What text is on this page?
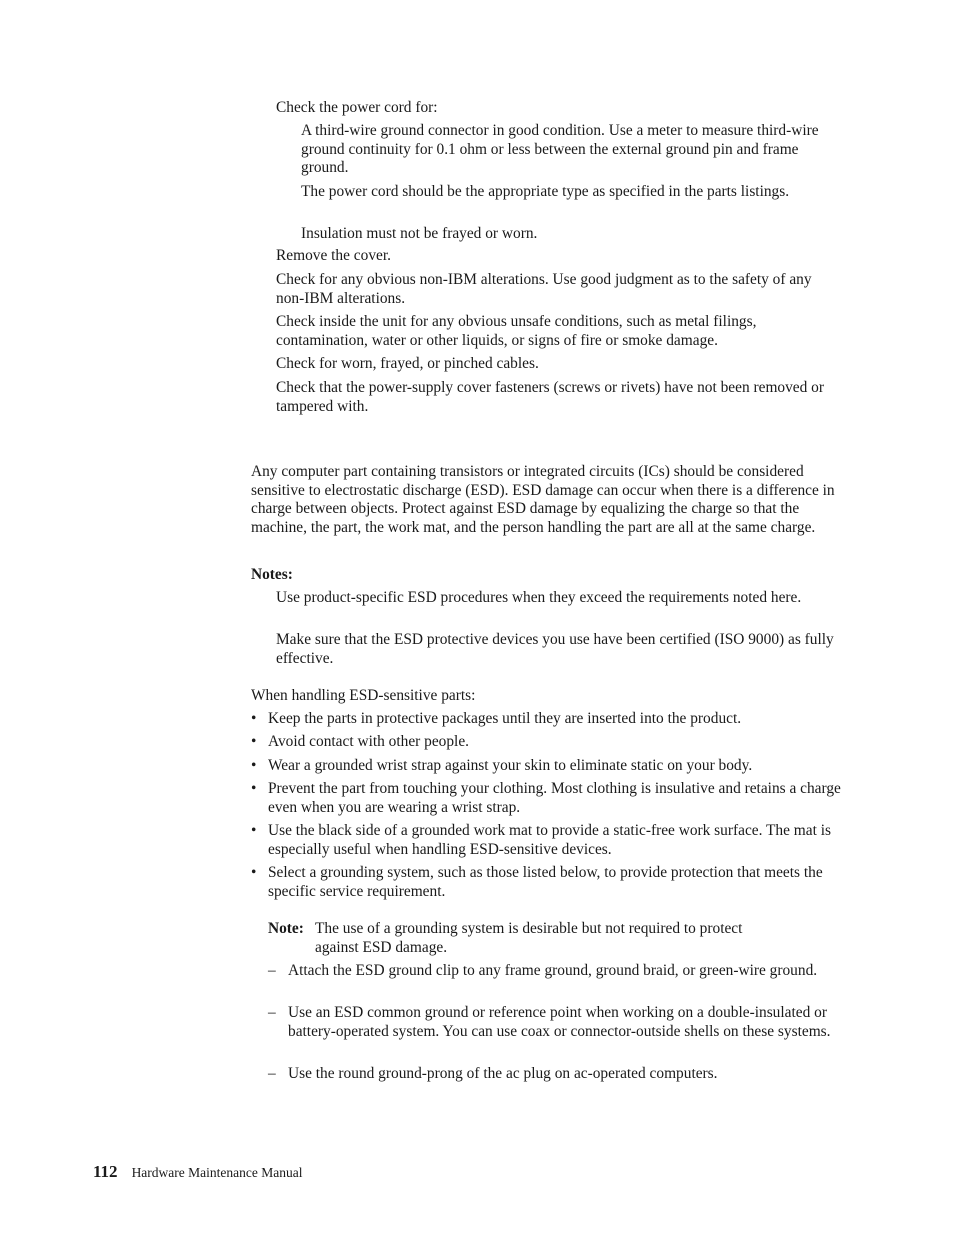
Check the power cord for:

A third-wire ground connector in good condition. Use a meter to measure third-wire ground continuity for 0.1 ohm or less between the external ground pin and frame ground.

The power cord should be the appropriate type as specified in the parts listings.

Insulation must not be frayed or worn.

Remove the cover.

Check for any obvious non-IBM alterations. Use good judgment as to the safety of any non-IBM alterations.

Check inside the unit for any obvious unsafe conditions, such as metal filings, contamination, water or other liquids, or signs of fire or smoke damage.

Check for worn, frayed, or pinched cables.

Check that the power-supply cover fasteners (screws or rivets) have not been removed or tampered with.

Any computer part containing transistors or integrated circuits (ICs) should be considered sensitive to electrostatic discharge (ESD). ESD damage can occur when there is a difference in charge between objects. Protect against ESD damage by equalizing the charge so that the machine, the part, the work mat, and the person handling the part are all at the same charge.

Notes:

Use product-specific ESD procedures when they exceed the requirements noted here.

Make sure that the ESD protective devices you use have been certified (ISO 9000) as fully effective.

When handling ESD-sensitive parts:

• Keep the parts in protective packages until they are inserted into the product.
• Avoid contact with other people.
• Wear a grounded wrist strap against your skin to eliminate static on your body.
• Prevent the part from touching your clothing. Most clothing is insulative and retains a charge even when you are wearing a wrist strap.
• Use the black side of a grounded work mat to provide a static-free work surface. The mat is especially useful when handling ESD-sensitive devices.
• Select a grounding system, such as those listed below, to provide protection that meets the specific service requirement.
Note: The use of a grounding system is desirable but not required to protect
against ESD damage.
– Attach the ESD ground clip to any frame ground, ground braid, or green-wire ground.
– Use an ESD common ground or reference point when working on a double-insulated or battery-operated system. You can use coax or connector-outside shells on these systems.
– Use the round ground-prong of the ac plug on ac-operated computers.
112 Hardware Maintenance Manual
